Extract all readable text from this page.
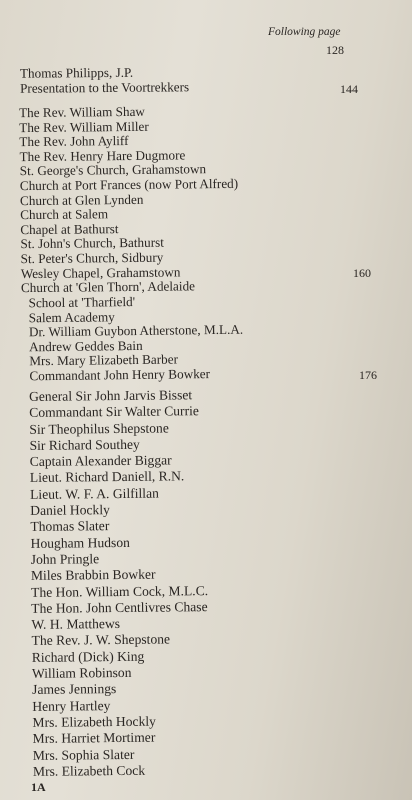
Following page
128
Thomas Philipps, J.P.
Presentation to the Voortrekkers	144
The Rev. William Shaw
The Rev. William Miller
The Rev. John Ayliff
The Rev. Henry Hare Dugmore
St. George's Church, Grahamstown
Church at Port Frances (now Port Alfred)
Church at Glen Lynden
Church at Salem
Chapel at Bathurst
St. John's Church, Bathurst
St. Peter's Church, Sidbury
Wesley Chapel, Grahamstown
Church at 'Glen Thorn', Adelaide
160
School at 'Tharfield'
Salem Academy
Dr. William Guybon Atherstone, M.L.A.
Andrew Geddes Bain
Mrs. Mary Elizabeth Barber
Commandant John Henry Bowker	176
General Sir John Jarvis Bisset
Commandant Sir Walter Currie
Sir Theophilus Shepstone
Sir Richard Southey
Captain Alexander Biggar
Lieut. Richard Daniell, R.N.
Lieut. W. F. A. Gilfillan
Daniel Hockly
Thomas Slater
Hougham Hudson
John Pringle
Miles Brabbin Bowker
The Hon. William Cock, M.L.C.
The Hon. John Centlivres Chase
W. H. Matthews
The Rev. J. W. Shepstone
Richard (Dick) King
William Robinson
James Jennings
Henry Hartley
Mrs. Elizabeth Hockly
Mrs. Harriet Mortimer
Mrs. Sophia Slater
Mrs. Elizabeth Cock
1A
